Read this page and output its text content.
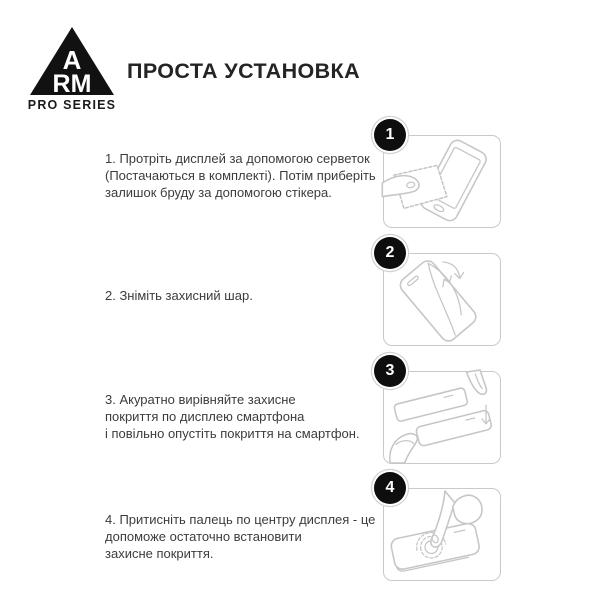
A
RM
PRO SERIES
ПРОСТА УСТАНОВКА
1. Протріть дисплей за допомогою серветок
(Постачаються в комплекті). Потім приберіть
залишок бруду за допомогою стікера.
2. Зніміть захисний шар.
3. Акуратно вирівняйте захисне
покриття по дисплею смартфона
і повільно опустіть покриття на смартфон.
4. Притисніть палець по центру дисплея - це
допоможе остаточно встановити
захисне покриття.
1
2
3
4
